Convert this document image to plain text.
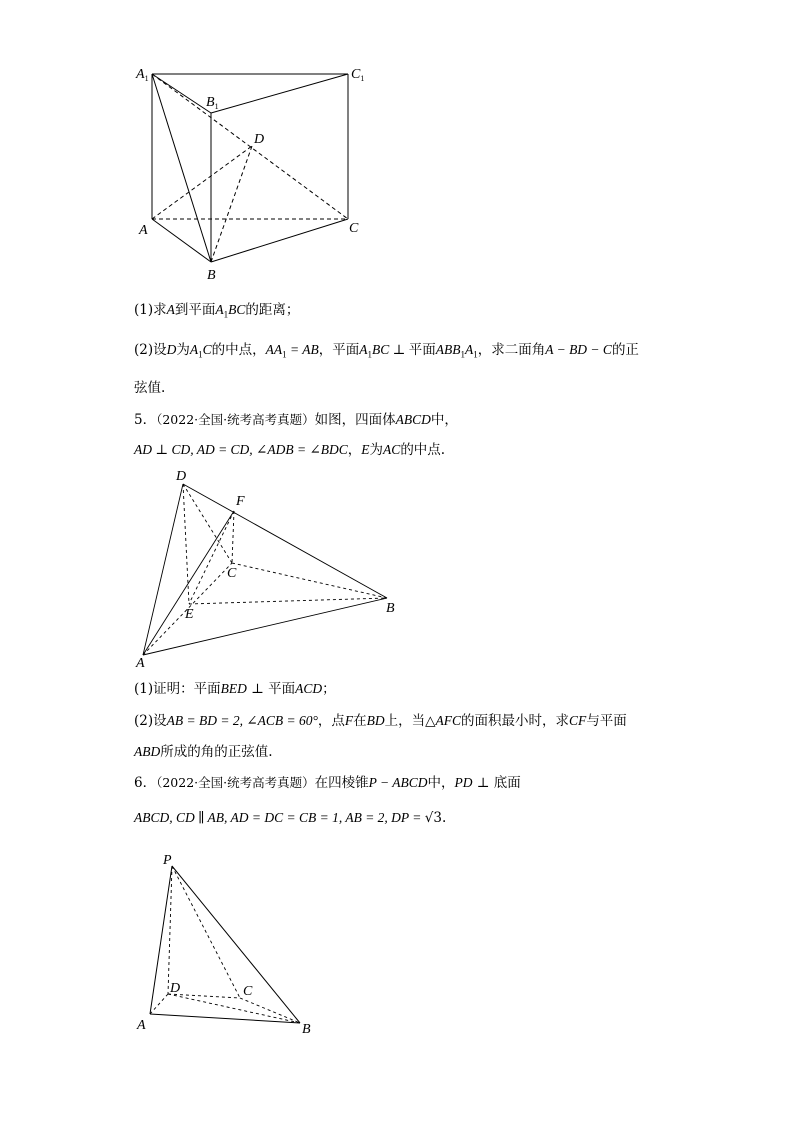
$A_1$
$B_1$
$C_1$
D
A	C
B
(1)求A到平面$A_1BC$的距离；
(2)设D为$A_1C$的中点，$AA_1$ = AB，平面$A_1BC$ ⊥ 平面$ABB_1A_1$，求二面角A − BD − C的正
弦值.
5．（2022·全国·统考高考真题）如图，四面体ABCD中，
AD ⊥ CD, AD = CD, ∠ADB = ∠BDC，E为AC的中点.
D
F
C
B
E
A
(1)证明：平面BED ⊥ 平面ACD；
(2)设AB = BD = 2, ∠ACB = 60°，点F在BD上，当△AFC的面积最小时，求CF与平面
ABD所成的角的正弦值.
6．（2022·全国·统考高考真题）在四棱锥P − ABCD中，PD ⊥ 底面
ABCD, CD ∥ AB, AD = DC = CB = 1, AB = 2, DP = √3.
P
D	C
A	B
